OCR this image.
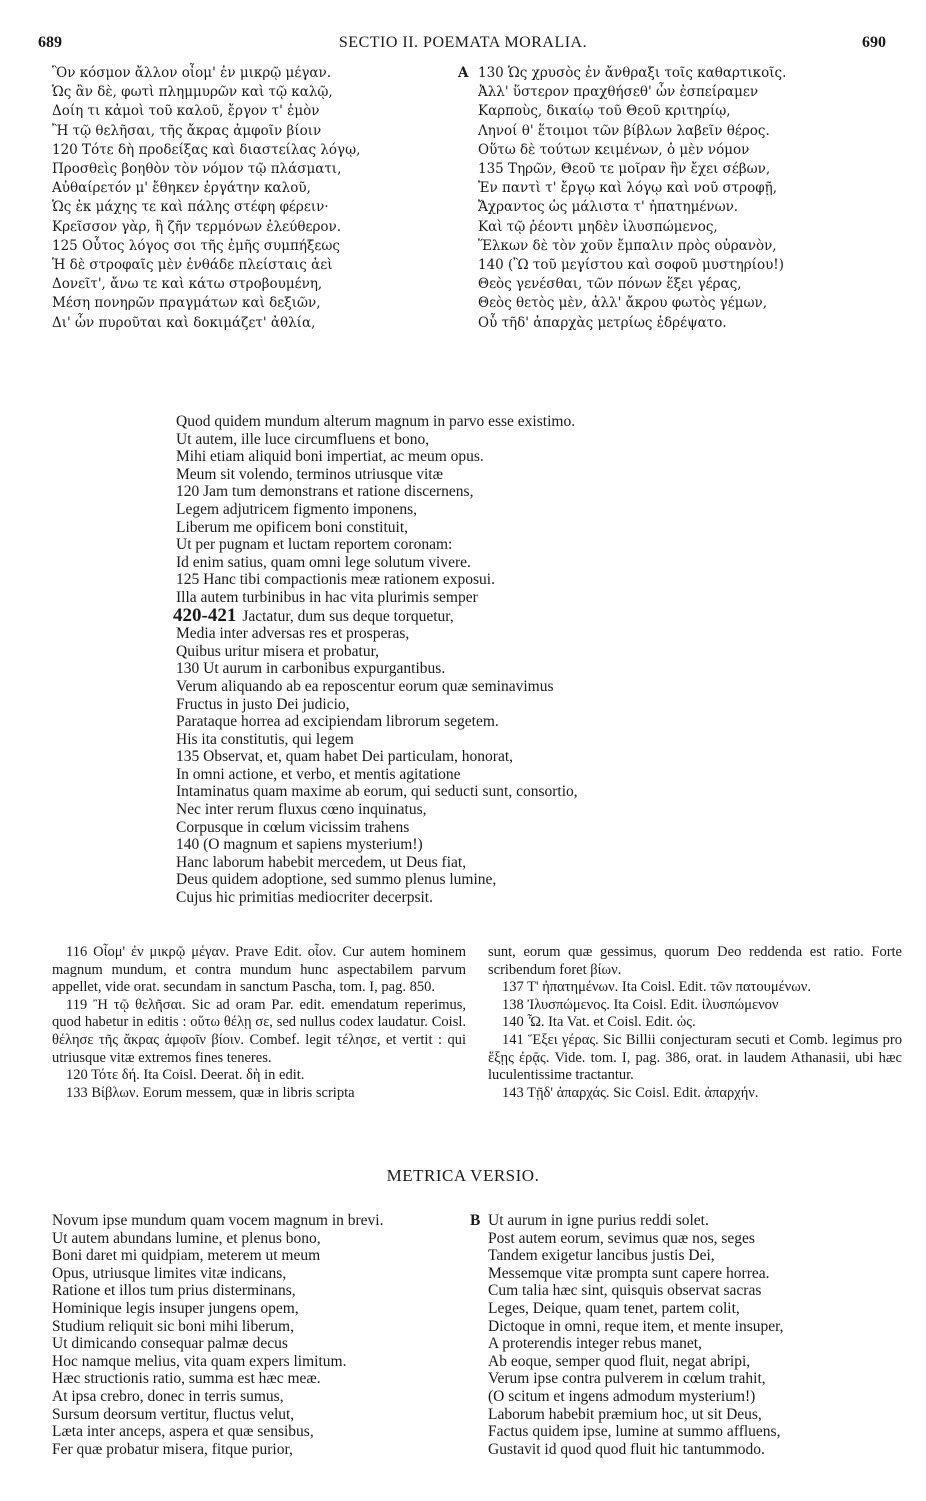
689	SECTIO II. POEMATA MORALIA.	690
Ὃν κόσμον ἄλλον οἶομ' ἐν μικρῷ μέγαν.
Ὡς ἂν δὲ, φωτὶ πλημμυρῶν καὶ τῷ καλῷ,
Δοίη τι κἀμοὶ τοῦ καλοῦ, ἔργον τ' ἐμὸν
Ἢ τῷ θελῆσαι, τῆς ἄκρας ἀμφοῖν βίοιν
120 Τότε δὴ προδείξας καὶ διαστείλας λόγῳ,
Προσθεὶς βοηθὸν τὸν νόμον τῷ πλάσματι,
Αὐθαίρετόν μ' ἔθηκεν ἐργάτην καλοῦ,
Ὡς ἐκ μάχης τε καὶ πάλης στέφη φέρειν·
Κρεῖσσον γὰρ, ἢ ζῆν τερμόνων ἐλεύθερον.
125 Οὗτος λόγος σοι τῆς ἐμῆς συμπήξεως
Ἡ δὲ στροφαῖς μὲν ἐνθάδε πλείσταις ἀεὶ
Δονεῖτ', ἄνω τε καὶ κάτω στροβουμένη,
Μέση πονηρῶν πραγμάτων καὶ δεξιῶν,
Δι' ὧν πυροῦται καὶ δοκιμάζετ' ἀθλία,
A 130 Ὡς χρυσὸς ἐν ἄνθραξι τοῖς καθαρτικοῖς.
Ἀλλ' ὕστερον πραχθήσεθ' ὧν ἐσπείραμεν
Καρποὺς, δικαίῳ τοῦ Θεοῦ κριτηρίῳ,
Ληνοί θ' ἕτοιμοι τῶν βίβλων λαβεῖν θέρος.
Οὕτω δὲ τούτων κειμένων, ὁ μὲν νόμον
135 Τηρῶν, Θεοῦ τε μοῖραν ἣν ἔχει σέβων,
Ἐν παντὶ τ' ἔργῳ καὶ λόγῳ καὶ νοῦ στροφῇ,
Ἄχραντος ὡς μάλιστα τ' ἠπατημένων.
Καὶ τῷ ῥέοντι μηδὲν ἰλυσπώμενος,
Ἕλκων δὲ τὸν χοῦν ἔμπαλιν πρὸς οὐρανὸν,
140 (Ὢ τοῦ μεγίστου καὶ σοφοῦ μυστηρίου!)
Θεὸς γενέσθαι, τῶν πόνων ἕξει γέρας,
Θεὸς θετὸς μὲν, ἀλλ' ἄκρου φωτὸς γέμων,
Οὗ τῆδ' ἀπαρχὰς μετρίως ἐδρέψατο.
Quod quidem mundum alterum magnum in parvo esse existimo.
Ut autem, ille luce circumfluens et bono,
Mihi etiam aliquid boni impertiat, ac meum opus.
Meum sit volendo, terminos utriusque vitæ
120 Jam tum demonstrans et ratione discernens,
Legem adjutricem figmento imponens,
Liberum me opificem boni constituit,
Ut per pugnam et luctam reportem coronam:
Id enim satius, quam omni lege solutum vivere.
125 Hanc tibi compactionis meæ rationem exposui.
Illa autem turbinibus in hac vita plurimis semper
420-421 Jactatur, dum sus deque torquetur,
Media inter adversas res et prosperas,
Quibus uritur misera et probatur,
130 Ut aurum in carbonibus expurgantibus.
Verum aliquando ab ea reposcentur eorum quæ seminavimus
Fructus in justo Dei judicio,
Parataque horrea ad excipiendam librorum segetem.
His ita constitutis, qui legem
135 Observat, et, quam habet Dei particulam, honorat,
In omni actione, et verbo, et mentis agitatione
Intaminatus quam maxime ab eorum, qui seducti sunt, consortio,
Nec inter rerum fluxus cœno inquinatus,
Corpusque in cœlum vicissim trahens
140 (O magnum et sapiens mysterium!)
Hanc laborum habebit mercedem, ut Deus fiat,
Deus quidem adoptione, sed summo plenus lumine,
Cujus hic primitias mediocriter decerpsit.

116 Οἶομ' ἐν μικρῷ μέγαν. Prave Edit. οἶον. Cur autem hominem magnum mundum, et contra mundum hunc aspectabilem parvum appellet, vide orat. secundam in sanctum Pascha, tom. I, pag. 850.

119 Ἢ τῷ θελῆσαι. Sic ad oram Par. edit. emendatum reperimus, quod habetur in editis : οὕτω θέλῃ σε, sed nullus codex laudatur. Coisl. θέλησε τῆς ἄκρας ἀμφοῖν βίοιν. Combef. legit τέλησε, et vertit : qui utriusque vitæ extremos fines teneres.

120 Τότε δή. Ita Coisl. Deerat. δὴ in edit.

133 Βίβλων. Eorum messem, quæ in libris scripta

sunt, eorum quæ gessimus, quorum Deo reddenda est ratio. Forte scribendum foret βίων.

137 Τ' ἠπατημένων. Ita Coisl. Edit. τῶν πατουμένων.

138 Ἰλυσπώμενος. Ita Coisl. Edit. ἰλυσπώμενον

140 Ὦ. Ita Vat. et Coisl. Edit. ὡς.

141 Ἕξει γέρας. Sic Billii conjecturam secuti et Comb. legimus pro ἕξῃς ἐρᾷς. Vide. tom. I, pag. 386, orat. in laudem Athanasii, ubi hæc luculentissime tractantur.

143 Τῇδ' ἀπαρχάς. Sic Coisl. Edit. ἀπαρχήν.

METRICA VERSIO.
B
Novum ipse mundum quam vocem magnum in brevi.
Ut autem abundans lumine, et plenus bono,
Boni daret mi quidpiam, meterem ut meum
Opus, utriusque limites vitæ indicans,
Ratione et illos tum prius disterminans,
Hominique legis insuper jungens opem,
Studium reliquit sic boni mihi liberum,
Ut dimicando consequar palmæ decus
Hoc namque melius, vita quam expers limitum.
Hæc structionis ratio, summa est hæc meæ.
At ipsa crebro, donec in terris sumus,
Sursum deorsum vertitur, fluctus velut,
Læta inter anceps, aspera et quæ sensibus,
Fer quæ probatur misera, fitque purior,
Ut aurum in igne purius reddi solet.
Post autem eorum, sevimus quæ nos, seges
Tandem exigetur lancibus justis Dei,
Messemque vitæ prompta sunt capere horrea.
Cum talia hæc sint, quisquis observat sacras
Leges, Deique, quam tenet, partem colit,
Dictoque in omni, reque item, et mente insuper,
A proterendis integer rebus manet,
Ab eoque, semper quod fluit, negat abripi,
Verum ipse contra pulverem in cœlum trahit,
(O scitum et ingens admodum mysterium!)
Laborum habebit præmium hoc, ut sit Deus,
Factus quidem ipse, lumine at summo affluens,
Gustavit id quod quod fluit hic tantummodo.
